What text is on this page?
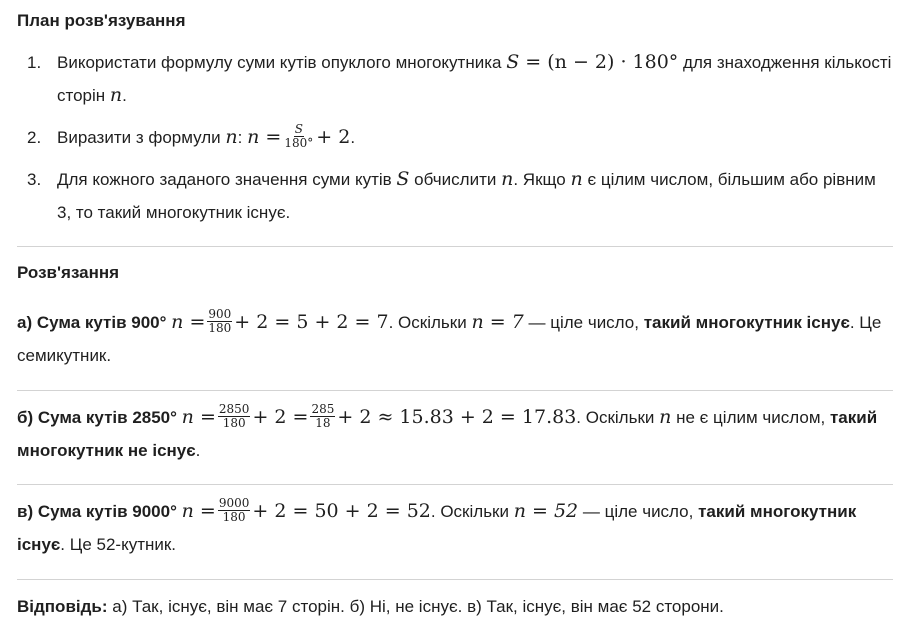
План розв'язування
1. Використати формулу суми кутів опуклого многокутника S = (n − 2) · 180° для знаходження кількості сторін n.
2. Виразити з формули n: $n = \frac{S}{180^\circ} + 2$.
3. Для кожного заданого значення суми кутів S обчислити n. Якщо n є цілим числом, більшим або рівним 3, то такий многокутник існує.
Розв'язання
а) Сума кутів 900° $n = \frac{900}{180} + 2 = 5 + 2 = 7$. Оскільки n = 7 — ціле число, такий многокутник існує. Це семикутник.
б) Сума кутів 2850° $n = \frac{2850}{180} + 2 = \frac{285}{18} + 2 \approx 15.83 + 2 = 17.83$. Оскільки n не є цілим числом, такий многокутник не існує.
в) Сума кутів 9000° $n = \frac{9000}{180} + 2 = 50 + 2 = 52$. Оскільки n = 52 — ціле число, такий многокутник існує. Це 52-кутник.
Відповідь: а) Так, існує, він має 7 сторін. б) Ні, не існує. в) Так, існує, він має 52 сторони.
